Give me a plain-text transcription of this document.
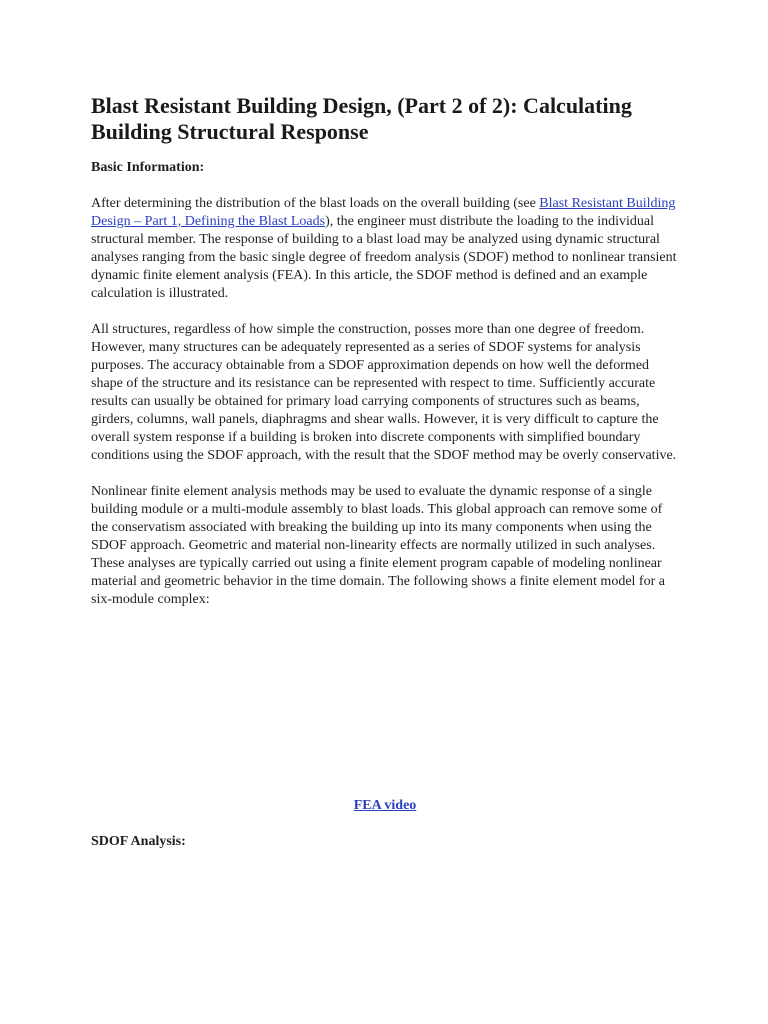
Blast Resistant Building Design, (Part 2 of 2): Calculating Building Structural Response
Basic Information:

After determining the distribution of the blast loads on the overall building (see Blast Resistant Building Design – Part 1, Defining the Blast Loads), the engineer must distribute the loading to the individual structural member. The response of building to a blast load may be analyzed using dynamic structural analyses ranging from the basic single degree of freedom analysis (SDOF) method to nonlinear transient dynamic finite element analysis (FEA). In this article, the SDOF method is defined and an example calculation is illustrated.

All structures, regardless of how simple the construction, posses more than one degree of freedom. However, many structures can be adequately represented as a series of SDOF systems for analysis purposes. The accuracy obtainable from a SDOF approximation depends on how well the deformed shape of the structure and its resistance can be represented with respect to time. Sufficiently accurate results can usually be obtained for primary load carrying components of structures such as beams, girders, columns, wall panels, diaphragms and shear walls. However, it is very difficult to capture the overall system response if a building is broken into discrete components with simplified boundary conditions using the SDOF approach, with the result that the SDOF method may be overly conservative.

Nonlinear finite element analysis methods may be used to evaluate the dynamic response of a single building module or a multi-module assembly to blast loads. This global approach can remove some of the conservatism associated with breaking the building up into its many components when using the SDOF approach. Geometric and material non-linearity effects are normally utilized in such analyses. These analyses are typically carried out using a finite element program capable of modeling nonlinear material and geometric behavior in the time domain. The following shows a finite element model for a six-module complex:

FEA video
SDOF Analysis:
